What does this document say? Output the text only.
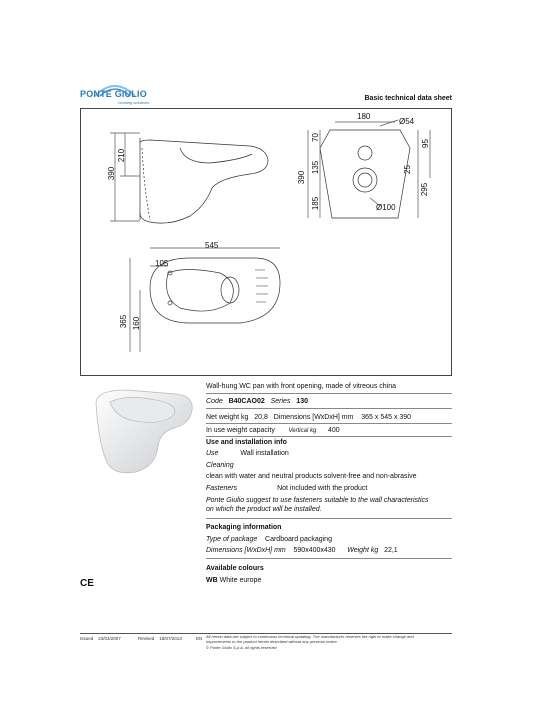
PONTE GIULIO
creating solutions
Basic technical data sheet
390
210
180
Ø54
390
70
135
185
95
25
295
Ø100
545
105
365 160
Wall-hung WC pan with front opening, made of vitreous china
Code B40CAO02 Series 130
Net weight kg 20,8 Dimensions [WxDxH] mm 365 x 545 x 390
In use weight capacity Vertical kg 400
Use and installation info
Use	Wall installation
Cleaning
clean with water and neutral products solvent-free and non-abrasive
Fasteners	Not included with the product
Ponte Giulio suggest to use fasteners suitable to the wall characteristics
on which the product will be installed.
Packaging information
Type of package Cardboard packaging
Dimensions [WxDxH] mm 590x400x430 Weight kg 22,1
Available colours
WB White europe
CE
Issued 23/03/2007	Revised 18/07/2013	EN All herein data are subject to continuous technical updating. The manufacturer reserves the right to make change and
improvements to the product herein described without any previous notice.
© Ponte Giulio S.p.A. all rights reserved
